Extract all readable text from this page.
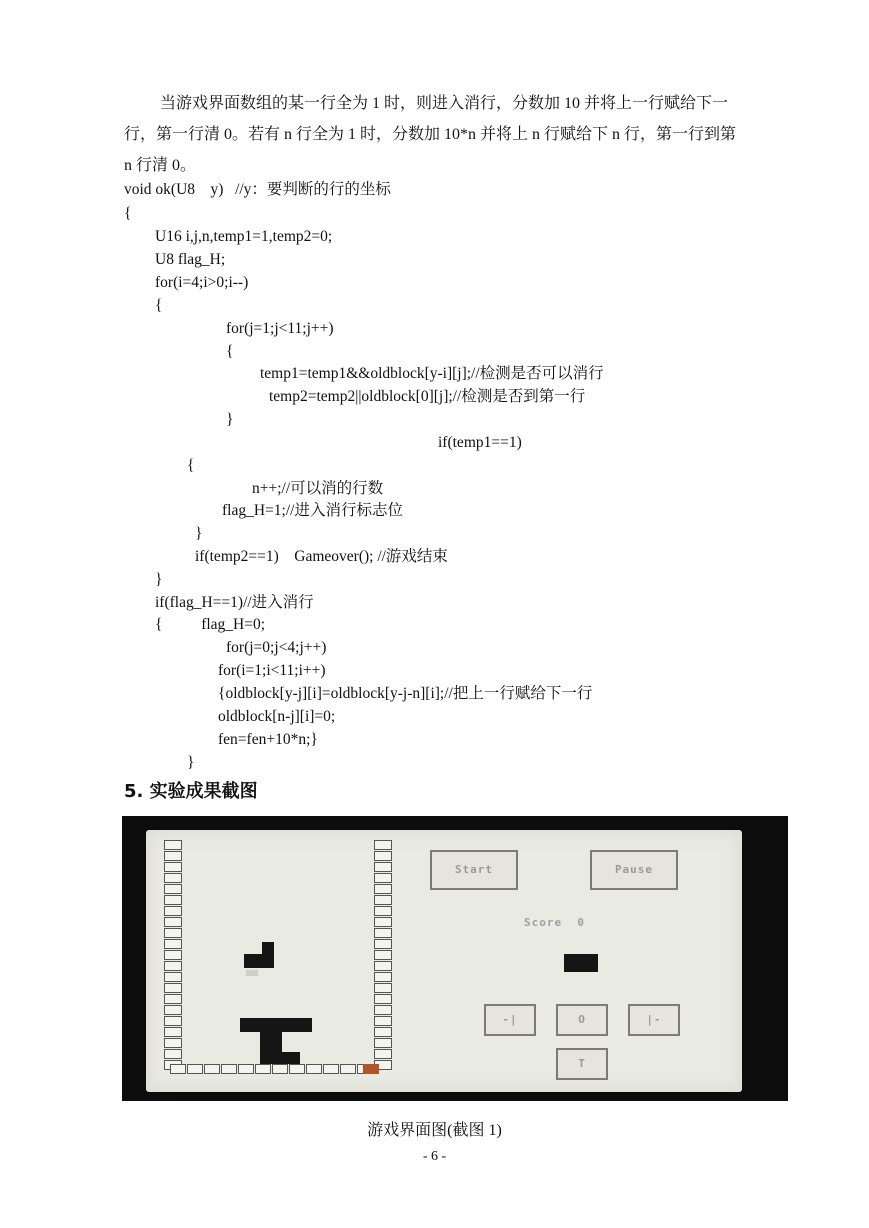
当游戏界面数组的某一行全为 1 时，则进入消行，分数加 10 并将上一行赋给下一

行，第一行清 0。若有 n 行全为 1 时，分数加 10*n 并将上 n 行赋给下 n 行，第一行到第

n 行清 0。

void ok(U8    y)   //y：要判断的行的坐标
{
U16 i,j,n,temp1=1,temp2=0;
U8 flag_H;
for(i=4;i>0;i--)
{
for(j=1;j<11;j++)
{
temp1=temp1&&oldblock[y-i][j];//检测是否可以消行
temp2=temp2||oldblock[0][j];//检测是否到第一行
}
if(temp1==1)
{
n++;//可以消的行数
flag_H=1;//进入消行标志位
}
if(temp2==1)    Gameover(); //游戏结束
}
if(flag_H==1)//进入消行
{          flag_H=0;
for(j=0;j<4;j++)
for(i=1;i<11;i++)
{oldblock[y-j][i]=oldblock[y-j-n][i];//把上一行赋给下一行
oldblock[n-j][i]=0;
fen=fen+10*n;}
}
5. 实验成果截图
Start	Pause
Score 0
-|	O	|-
T
游戏界面图(截图 1)
- 6 -
